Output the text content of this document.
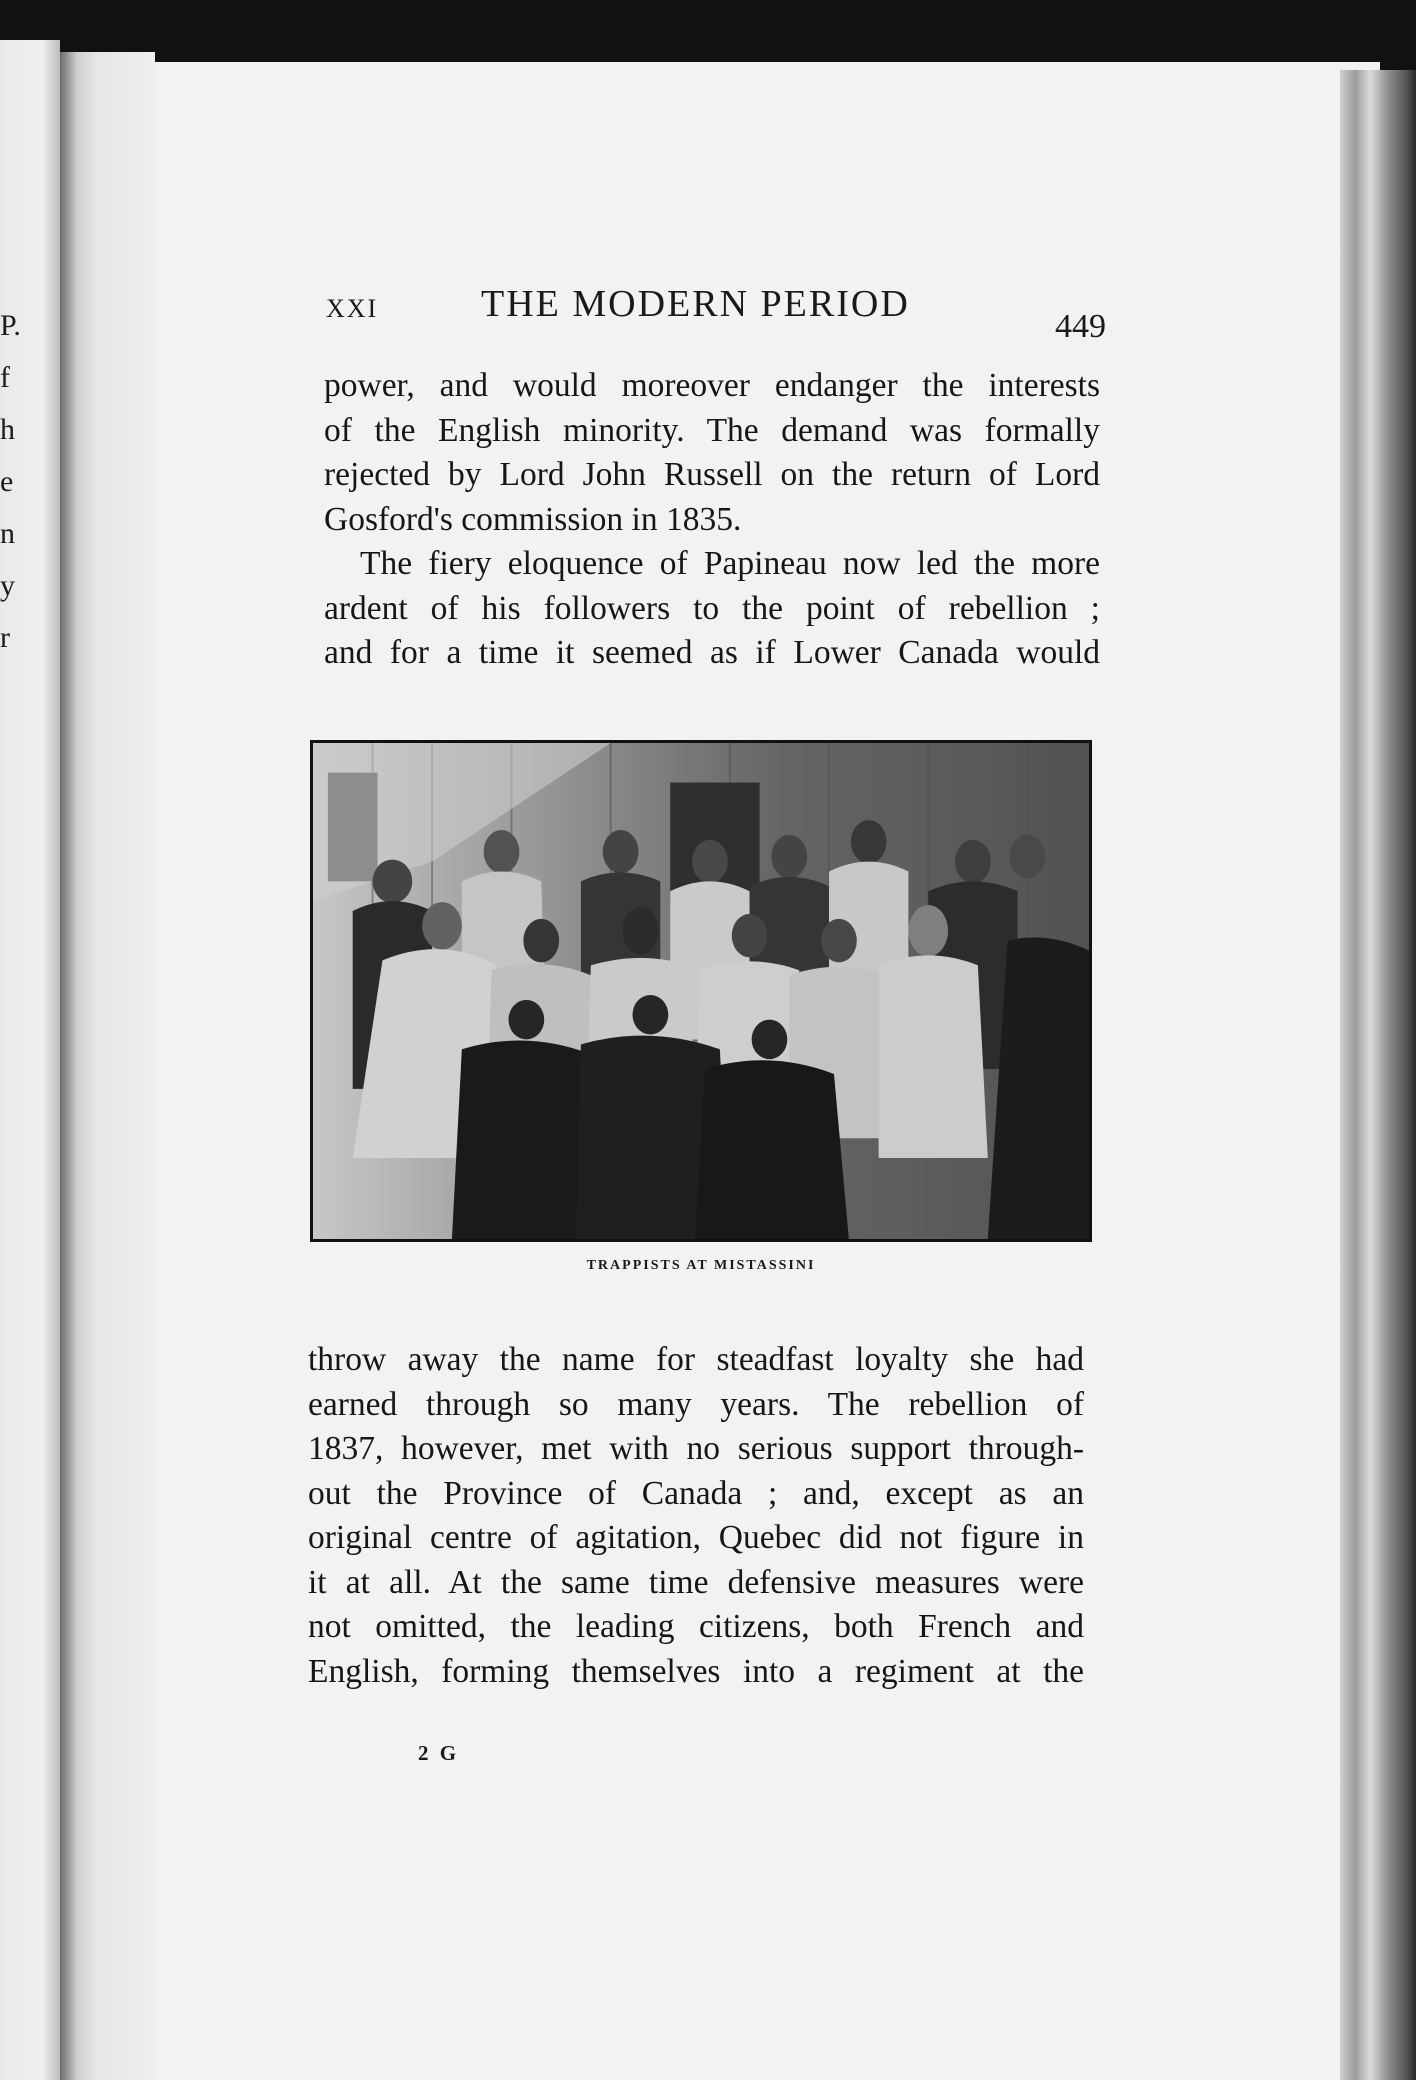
P.
f
h
e
n
y
r
XXI	THE MODERN PERIOD
449
power, and would moreover endanger the interests
of the English minority. The demand was formally
rejected by Lord John Russell on the return of Lord
Gosford's commission in 1835.
The fiery eloquence of Papineau now led the more
ardent of his followers to the point of rebellion ;
and for a time it seemed as if Lower Canada would
TRAPPISTS AT MISTASSINI
throw away the name for steadfast loyalty she had
earned through so many years. The rebellion of
1837, however, met with no serious support through-
out the Province of Canada ; and, except as an
original centre of agitation, Quebec did not figure in
it at all. At the same time defensive measures were
not omitted, the leading citizens, both French and
English, forming themselves into a regiment at the
2 G
